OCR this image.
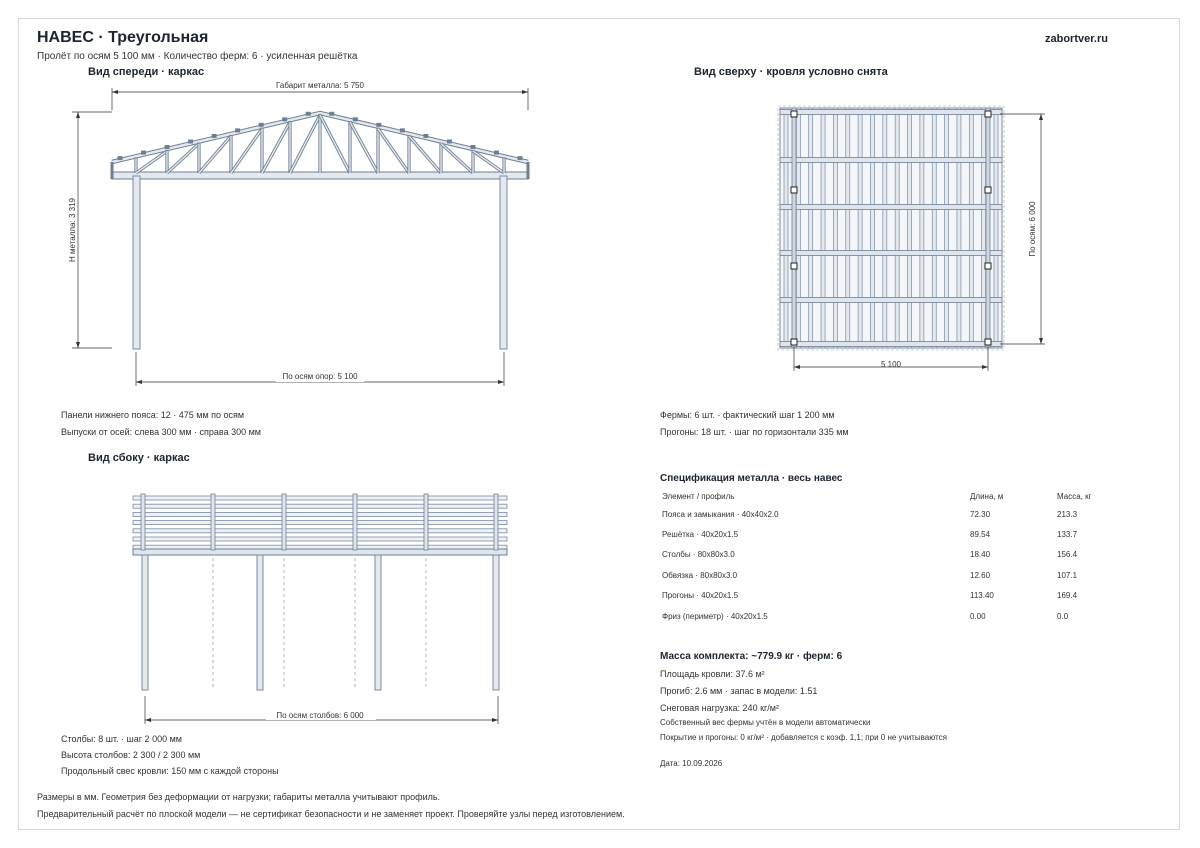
НАВЕС · Треугольная
Пролёт по осям 5 100 мм · Количество ферм: 6 · усиленная решётка
zabortver.ru
Вид спереди · каркас	Вид сверху · кровля условно снята
Вид сбоку · каркас
Габарит металла: 5 750
По осям опор: 5 100
H металла: 3 319
Панели нижнего пояса: 12 · 475 мм по осям
Выпуски от осей: слева 300 мм · справа 300 мм
5 100
По осям: 6 000
Фермы: 6 шт. · фактический шаг 1 200 мм
Прогоны: 18 шт. · шаг по горизонтали 335 мм
По осям столбов: 6 000
Столбы: 8 шт. · шаг 2 000 мм
Высота столбов: 2 300 / 2 300 мм
Продольный свес кровли: 150 мм с каждой стороны
Спецификация металла · весь навес
Элемент / профиль	Длина, м	Масса, кг
Пояса и замыкания · 40x40x2.0	72.30	213.3
Решётка · 40x20x1.5	89.54	133.7
Столбы · 80x80x3.0	18.40	156.4
Обвязка · 80x80x3.0	12.60	107.1
Прогоны · 40x20x1.5	113.40	169.4
Фриз (периметр) · 40x20x1.5	0.00	0.0
Масса комплекта: ~779.9 кг · ферм: 6
Площадь кровли: 37.6 м²
Прогиб: 2.6 мм · запас в модели: 1.51
Снеговая нагрузка: 240 кг/м²
Собственный вес фермы учтён в модели автоматически
Покрытие и прогоны: 0 кг/м² · добавляется с коэф. 1,1; при 0 не учитываются
Дата: 10.09.2026
Размеры в мм. Геометрия без деформации от нагрузки; габариты металла учитывают профиль.
Предварительный расчёт по плоской модели — не сертификат безопасности и не заменяет проект. Проверяйте узлы перед изготовлением.
